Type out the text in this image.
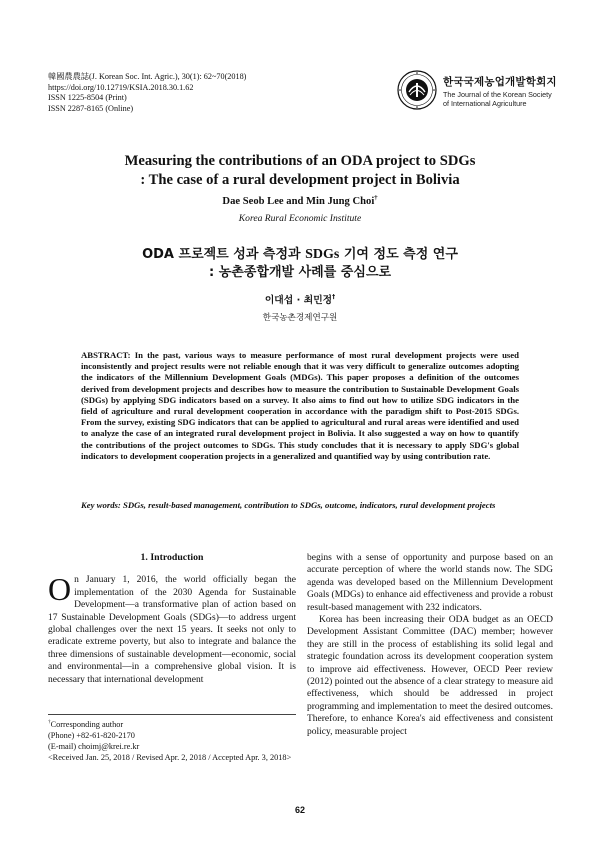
韓國農農誌(J. Korean Soc. Int. Agric.), 30(1): 62~70(2018)
https://doi.org/10.12719/KSIA.2018.30.1.62
ISSN 1225-8504 (Print)
ISSN 2287-8165 (Online)
한국국제농업개발학회지
The Journal of the Korean Society
of International Agriculture
Measuring the contributions of an ODA project to SDGs
: The case of a rural development project in Bolivia
Dae Seob Lee and Min Jung Choi†
Korea Rural Economic Institute
ODA 프로젝트 성과 측정과 SDGs 기여 정도 측정 연구
: 농촌종합개발 사례를 중심으로
이대섭 · 최민정†
한국농촌경제연구원
ABSTRACT: In the past, various ways to measure performance of most rural development projects were used inconsistently and project results were not reliable enough that it was very difficult to generalize outcomes adopting the indicators of the Millennium Development Goals (MDGs). This paper proposes a definition of the outcomes derived from development projects and describes how to measure the contribution to Sustainable Development Goals (SDGs) by applying SDG indicators based on a survey. It also aims to find out how to utilize SDG indicators in the field of agriculture and rural development cooperation in accordance with the paradigm shift to Post-2015 SDGs. From the survey, existing SDG indicators that can be applied to agricultural and rural areas were identified and used to analyze the case of an integrated rural development project in Bolivia. It also suggested a way on how to quantify the contributions of the project outcomes to SDGs. This study concludes that it is necessary to apply SDG's global indicators to development cooperation projects in a generalized and quantified way by using contribution rate.
Key words: SDGs, result-based management, contribution to SDGs, outcome, indicators, rural development projects
1. Introduction

On January 1, 2016, the world officially began the implementation of the 2030 Agenda for Sustainable Development—a transformative plan of action based on 17 Sustainable Development Goals (SDGs)—to address urgent global challenges over the next 15 years. It seeks not only to eradicate extreme poverty, but also to integrate and balance the three dimensions of sustainable development—economic, social and environmental—in a comprehensive global vision. It is necessary that international development

begins with a sense of opportunity and purpose based on an accurate perception of where the world stands now. The SDG agenda was developed based on the Millennium Development Goals (MDGs) to enhance aid effectiveness and provide a robust result-based management with 232 indicators.

Korea has been increasing their ODA budget as an OECD Development Assistant Committee (DAC) member; however they are still in the process of establishing its solid legal and strategic foundation across its development cooperation system to improve aid effectiveness. However, OECD Peer review (2012) pointed out the absence of a clear strategy to measure aid effectiveness, which should be addressed in project programming and implementation to meet the desired outcomes. Therefore, to enhance Korea's aid effectiveness and consistent policy, measurable project

†Corresponding author
(Phone) +82-61-820-2170
(E-mail) choimj@krei.re.kr
<Received Jan. 25, 2018 / Revised Apr. 2, 2018 / Accepted Apr. 3, 2018>
62
